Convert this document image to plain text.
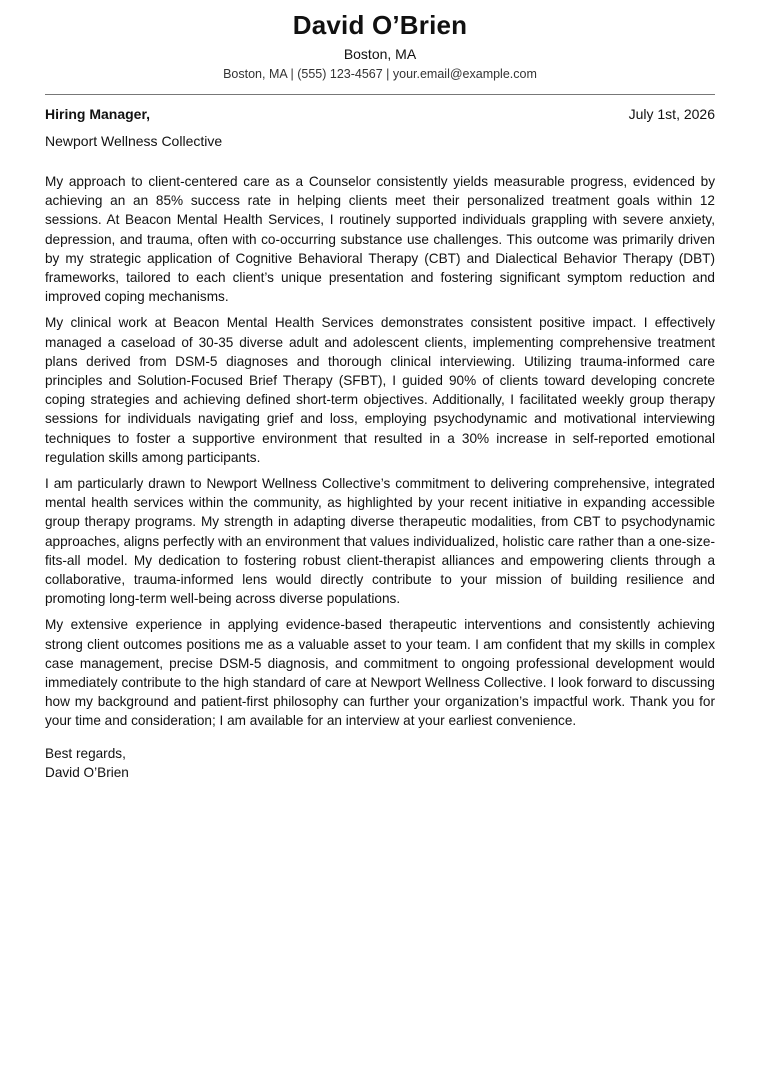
David O’Brien
Boston, MA
Boston, MA | (555) 123-4567 | your.email@example.com
Hiring Manager,	July 1st, 2026
Newport Wellness Collective

My approach to client-centered care as a Counselor consistently yields measurable progress, evidenced by achieving an an 85% success rate in helping clients meet their personalized treatment goals within 12 sessions. At Beacon Mental Health Services, I routinely supported individuals grappling with severe anxiety, depression, and trauma, often with co-occurring substance use challenges. This outcome was primarily driven by my strategic application of Cognitive Behavioral Therapy (CBT) and Dialectical Behavior Therapy (DBT) frameworks, tailored to each client’s unique presentation and fostering significant symptom reduction and improved coping mechanisms.

My clinical work at Beacon Mental Health Services demonstrates consistent positive impact. I effectively managed a caseload of 30-35 diverse adult and adolescent clients, implementing comprehensive treatment plans derived from DSM-5 diagnoses and thorough clinical interviewing. Utilizing trauma-informed care principles and Solution-Focused Brief Therapy (SFBT), I guided 90% of clients toward developing concrete coping strategies and achieving defined short-term objectives. Additionally, I facilitated weekly group therapy sessions for individuals navigating grief and loss, employing psychodynamic and motivational interviewing techniques to foster a supportive environment that resulted in a 30% increase in self-reported emotional regulation skills among participants.

I am particularly drawn to Newport Wellness Collective’s commitment to delivering comprehensive, integrated mental health services within the community, as highlighted by your recent initiative in expanding accessible group therapy programs. My strength in adapting diverse therapeutic modalities, from CBT to psychodynamic approaches, aligns perfectly with an environment that values individualized, holistic care rather than a one-size-fits-all model. My dedication to fostering robust client-therapist alliances and empowering clients through a collaborative, trauma-informed lens would directly contribute to your mission of building resilience and promoting long-term well-being across diverse populations.

My extensive experience in applying evidence-based therapeutic interventions and consistently achieving strong client outcomes positions me as a valuable asset to your team. I am confident that my skills in complex case management, precise DSM-5 diagnosis, and commitment to ongoing professional development would immediately contribute to the high standard of care at Newport Wellness Collective. I look forward to discussing how my background and patient-first philosophy can further your organization’s impactful work. Thank you for your time and consideration; I am available for an interview at your earliest convenience.

Best regards,
David O’Brien
